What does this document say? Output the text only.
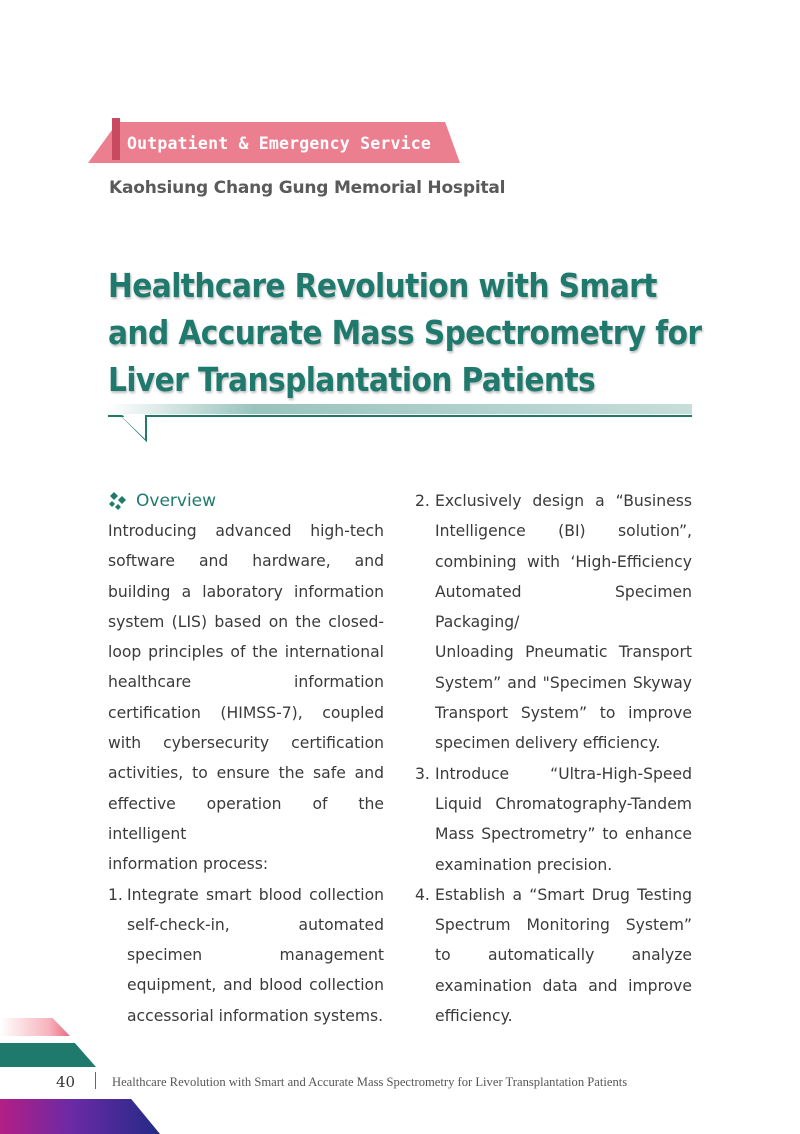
Outpatient & Emergency Service
Kaohsiung Chang Gung Memorial Hospital
Healthcare Revolution with Smart
and Accurate Mass Spectrometry for
Liver Transplantation Patients
Overview

Introducing advanced high-tech

software and hardware, and

building a laboratory information

system (LIS) based on the closed-

loop principles of the international

healthcare information

certification (HIMSS-7), coupled

with cybersecurity certification

activities, to ensure the safe and

effective operation of the intelligent

information process:

1. Integrate smart blood collection

self-check-in, automated

specimen management

equipment, and blood collection

accessorial information systems.

2. Exclusively design a “Business

Intelligence (BI) solution”,

combining with ‘High-Efficiency

Automated Specimen Packaging/

Unloading Pneumatic Transport

System” and "Specimen Skyway

Transport System” to improve

specimen delivery efficiency.

3. Introduce “Ultra-High-Speed

Liquid Chromatography-Tandem

Mass Spectrometry” to enhance

examination precision.

4. Establish a “Smart Drug Testing

Spectrum Monitoring System”

to automatically analyze

examination data and improve

efficiency.

40	Healthcare Revolution with Smart and Accurate Mass Spectrometry for Liver Transplantation Patients
